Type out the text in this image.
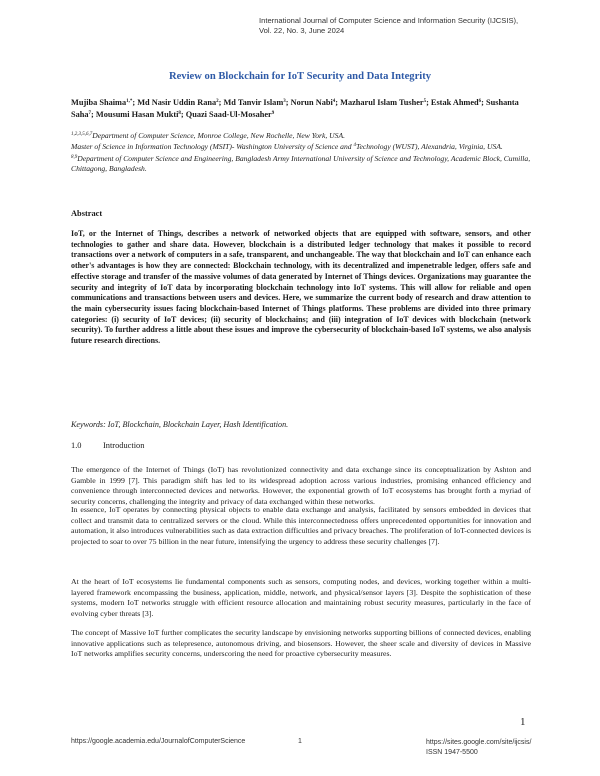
International Journal of Computer Science and Information Security (IJCSIS),
Vol. 22, No. 3, June 2024
Review on Blockchain for IoT Security and Data Integrity
Mujiba Shaima$^{1,*}$; Md Nasir Uddin Rana$^2$; Md Tanvir Islam$^3$; Norun Nabi$^4$; Mazharul Islam Tusher$^5$; Estak Ahmed$^6$; Sushanta Saha$^7$; Mousumi Hasan Mukti$^8$; Quazi Saad-Ul-Mosaher$^9$
$^{1,2,3,5,6,7}$Department of Computer Science, Monroe College, New Rochelle, New York, USA.
Master of Science in Information Technology (MSIT)- Washington University of Science and $^4$Technology (WUST), Alexandria, Virginia, USA.
$^{8,9}$Department of Computer Science and Engineering, Bangladesh Army International University of Science and Technology, Academic Block, Cumilla, Chittagong, Bangladesh.
Abstract
IoT, or the Internet of Things, describes a network of networked objects that are equipped with software, sensors, and other technologies to gather and share data. However, blockchain is a distributed ledger technology that makes it possible to record transactions over a network of computers in a safe, transparent, and unchangeable. The way that blockchain and IoT can enhance each other's advantages is how they are connected: Blockchain technology, with its decentralized and impenetrable ledger, offers safe and effective storage and transfer of the massive volumes of data generated by Internet of Things devices. Organizations may guarantee the security and integrity of IoT data by incorporating blockchain technology into IoT systems. This will allow for reliable and open communications and transactions between users and devices. Here, we summarize the current body of research and draw attention to the main cybersecurity issues facing blockchain-based Internet of Things platforms. These problems are divided into three primary categories: (i) security of IoT devices; (ii) security of blockchains; and (iii) integration of IoT devices with blockchain (network security). To further address a little about these issues and improve the cybersecurity of blockchain-based IoT systems, we also analysis future research directions.
Keywords: IoT, Blockchain, Blockchain Layer, Hash Identification.
1.0	Introduction
The emergence of the Internet of Things (IoT) has revolutionized connectivity and data exchange since its conceptualization by Ashton and Gamble in 1999 [7]. This paradigm shift has led to its widespread adoption across various industries, promising enhanced efficiency and convenience through interconnected devices and networks. However, the exponential growth of IoT ecosystems has brought forth a myriad of security concerns, challenging the integrity and privacy of data exchanged within these networks.
In essence, IoT operates by connecting physical objects to enable data exchange and analysis, facilitated by sensors embedded in devices that collect and transmit data to centralized servers or the cloud. While this interconnectedness offers unprecedented opportunities for innovation and automation, it also introduces vulnerabilities such as data extraction difficulties and privacy breaches. The proliferation of IoT-connected devices is projected to soar to over 75 billion in the near future, intensifying the urgency to address these security challenges [7].
At the heart of IoT ecosystems lie fundamental components such as sensors, computing nodes, and devices, working together within a multi-layered framework encompassing the business, application, middle, network, and physical/sensor layers [3]. Despite the sophistication of these systems, modern IoT networks struggle with efficient resource allocation and maintaining robust security measures, particularly in the face of evolving cyber threats [3].
The concept of Massive IoT further complicates the security landscape by envisioning networks supporting billions of connected devices, enabling innovative applications such as telepresence, autonomous driving, and biosensors. However, the sheer scale and diversity of devices in Massive IoT networks amplifies security concerns, underscoring the need for proactive cybersecurity measures.
1
https://google.academia.edu/JournalofComputerScience	1	https://sites.google.com/site/ijcsis/
ISSN 1947-5500
